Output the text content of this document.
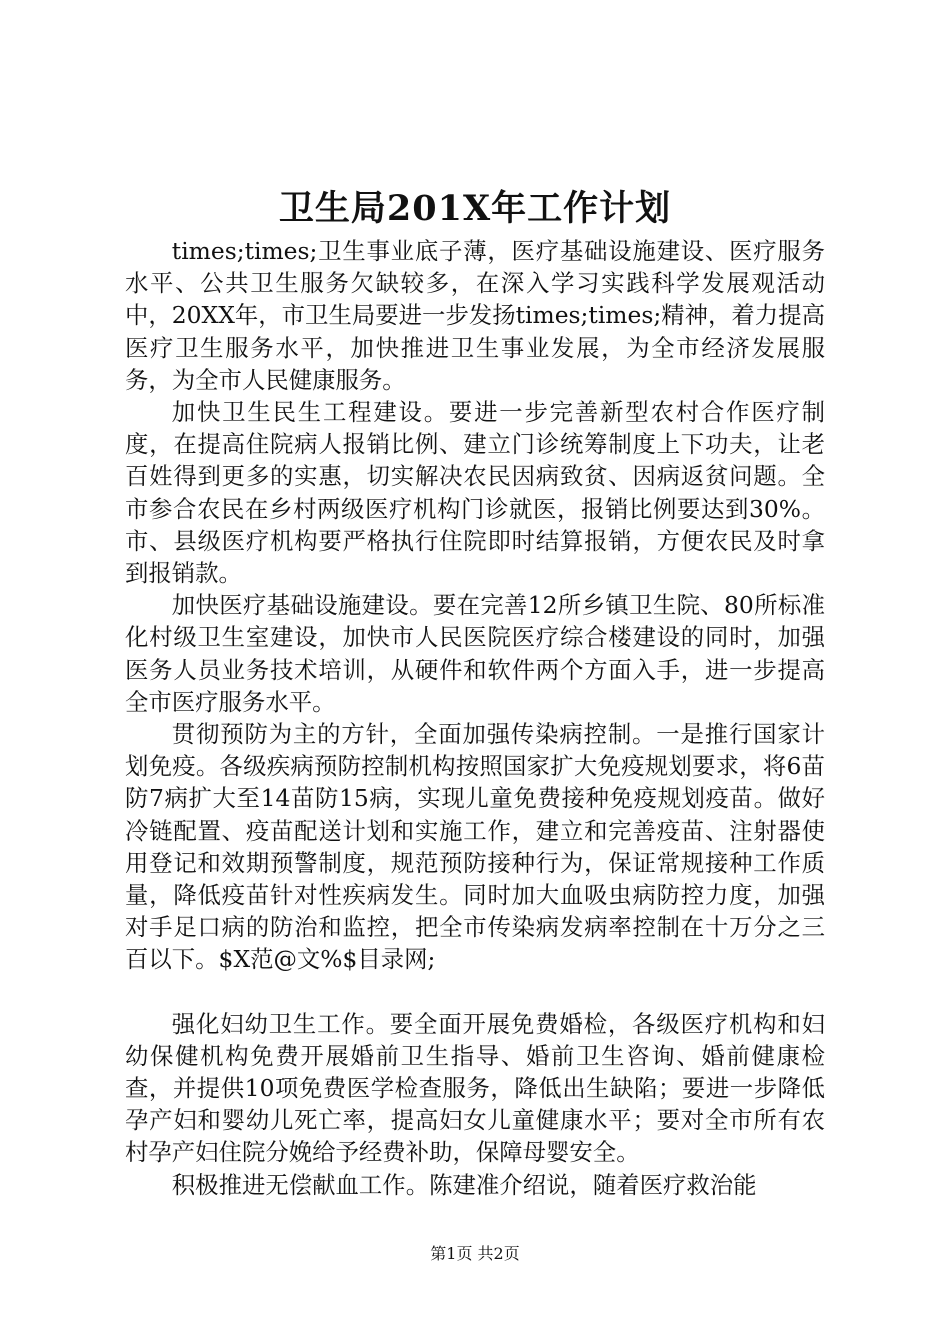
卫生局201X年工作计划

times;times;卫生事业底子薄，医疗基础设施建设、医疗服务水平、公共卫生服务欠缺较多，在深入学习实践科学发展观活动中，20XX年，市卫生局要进一步发扬times;times;精神，着力提高医疗卫生服务水平，加快推进卫生事业发展，为全市经济发展服务，为全市人民健康服务。

加快卫生民生工程建设。要进一步完善新型农村合作医疗制度，在提高住院病人报销比例、建立门诊统筹制度上下功夫，让老百姓得到更多的实惠，切实解决农民因病致贫、因病返贫问题。全市参合农民在乡村两级医疗机构门诊就医，报销比例要达到30%。市、县级医疗机构要严格执行住院即时结算报销，方便农民及时拿到报销款。

加快医疗基础设施建设。要在完善12所乡镇卫生院、80所标准化村级卫生室建设，加快市人民医院医疗综合楼建设的同时，加强医务人员业务技术培训，从硬件和软件两个方面入手，进一步提高全市医疗服务水平。

贯彻预防为主的方针，全面加强传染病控制。一是推行国家计划免疫。各级疾病预防控制机构按照国家扩大免疫规划要求，将6苗防7病扩大至14苗防15病，实现儿童免费接种免疫规划疫苗。做好冷链配置、疫苗配送计划和实施工作，建立和完善疫苗、注射器使用登记和效期预警制度，规范预防接种行为，保证常规接种工作质量，降低疫苗针对性疾病发生。同时加大血吸虫病防控力度，加强对手足口病的防治和监控，把全市传染病发病率控制在十万分之三百以下。$X范@文%$目录网;

强化妇幼卫生工作。要全面开展免费婚检，各级医疗机构和妇幼保健机构免费开展婚前卫生指导、婚前卫生咨询、婚前健康检查，并提供10项免费医学检查服务，降低出生缺陷；要进一步降低孕产妇和婴幼儿死亡率，提高妇女儿童健康水平；要对全市所有农村孕产妇住院分娩给予经费补助，保障母婴安全。

积极推进无偿献血工作。陈建准介绍说，随着医疗救治能

第1页 共2页
